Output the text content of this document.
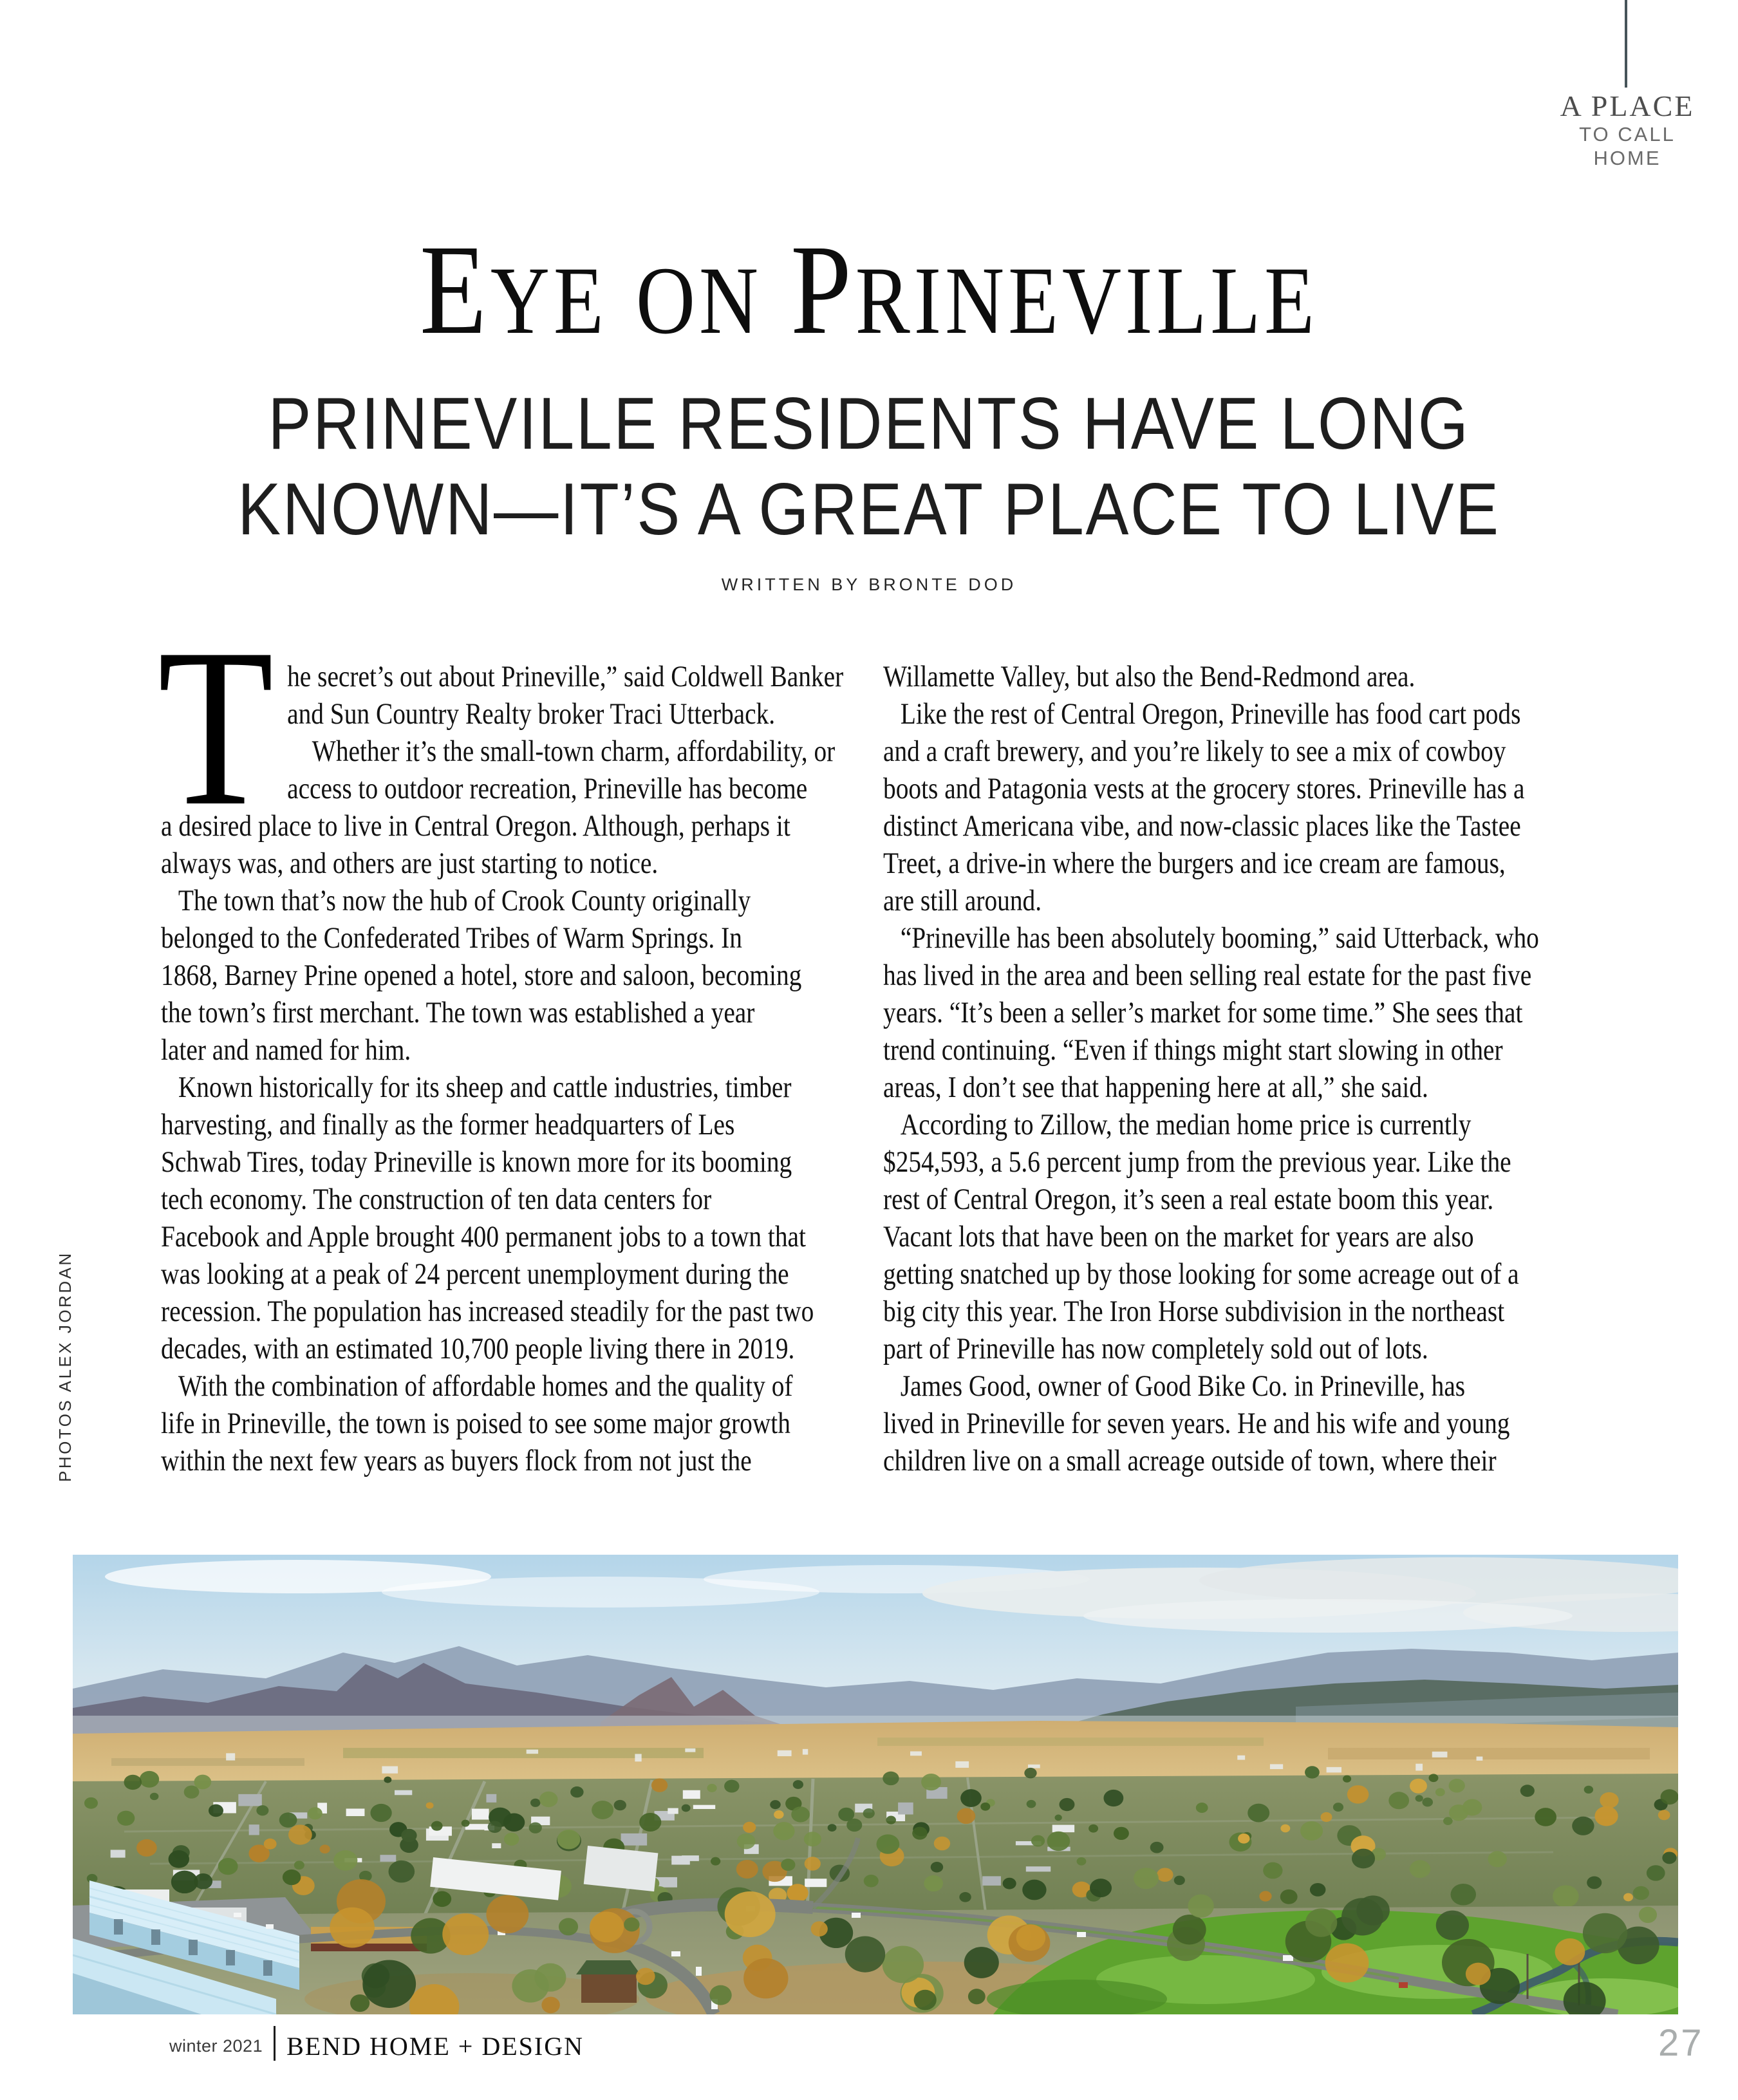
A PLACE
TO CALL
HOME
EYE ON PRINEVILLE
PRINEVILLE RESIDENTS HAVE LONG
KNOWN—IT’S A GREAT PLACE TO LIVE
WRITTEN BY BRONTE DOD
T he secret’s out about Prineville,” said Coldwell Banker
and Sun Country Realty broker Traci Utterback.
Whether it’s the small-town charm, affordability, or
access to outdoor recreation, Prineville has become
a desired place to live in Central Oregon. Although, perhaps it
always was, and others are just starting to notice.
The town that’s now the hub of Crook County originally
belonged to the Confederated Tribes of Warm Springs. In
1868, Barney Prine opened a hotel, store and saloon, becoming
the town’s first merchant. The town was established a year
later and named for him.
Known historically for its sheep and cattle industries, timber
harvesting, and finally as the former headquarters of Les
Schwab Tires, today Prineville is known more for its booming
tech economy. The construction of ten data centers for
Facebook and Apple brought 400 permanent jobs to a town that
was looking at a peak of 24 percent unemployment during the
recession. The population has increased steadily for the past two
decades, with an estimated 10,700 people living there in 2019.
With the combination of affordable homes and the quality of
life in Prineville, the town is poised to see some major growth
within the next few years as buyers flock from not just the
Willamette Valley, but also the Bend-Redmond area.
Like the rest of Central Oregon, Prineville has food cart pods
and a craft brewery, and you’re likely to see a mix of cowboy
boots and Patagonia vests at the grocery stores. Prineville has a
distinct Americana vibe, and now-classic places like the Tastee
Treet, a drive-in where the burgers and ice cream are famous,
are still around.
“Prineville has been absolutely booming,” said Utterback, who
has lived in the area and been selling real estate for the past five
years. “It’s been a seller’s market for some time.” She sees that
trend continuing. “Even if things might start slowing in other
areas, I don’t see that happening here at all,” she said.
According to Zillow, the median home price is currently
$254,593, a 5.6 percent jump from the previous year. Like the
rest of Central Oregon, it’s seen a real estate boom this year.
Vacant lots that have been on the market for years are also
getting snatched up by those looking for some acreage out of a
big city this year. The Iron Horse subdivision in the northeast
part of Prineville has now completely sold out of lots.
James Good, owner of Good Bike Co. in Prineville, has
lived in Prineville for seven years. He and his wife and young
children live on a small acreage outside of town, where their
PHOTOS ALEX JORDAN
winter 2021 BEND HOME + DESIGN	27
